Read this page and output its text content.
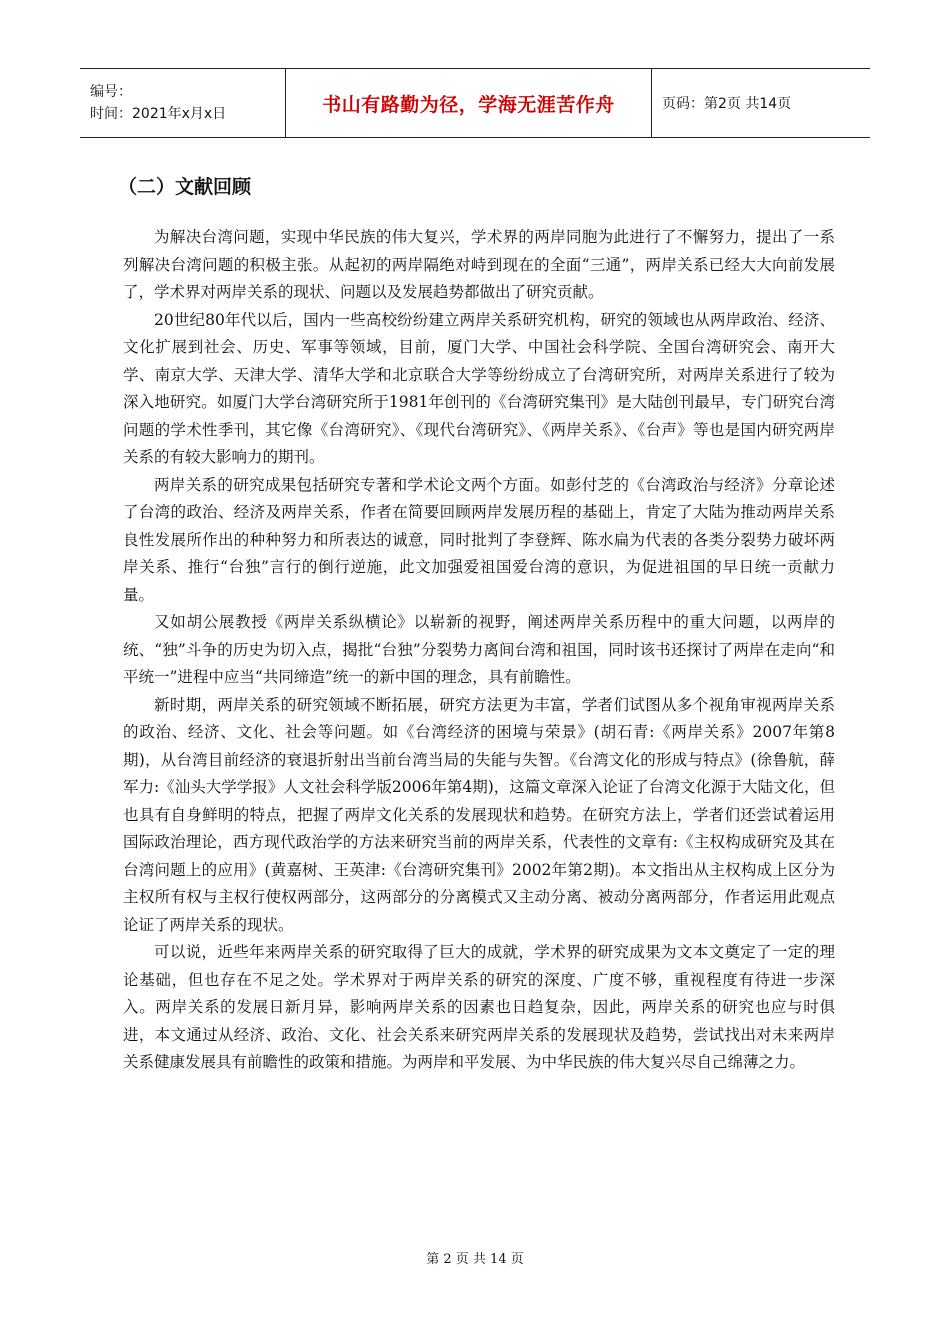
编号：
时间：2021年x月x日	书山有路勤为径，学海无涯苦作舟	页码：第2页 共14页
（二）文献回顾

为解决台湾问题，实现中华民族的伟大复兴，学术界的两岸同胞为此进行了不懈努力，提出了一系列解决台湾问题的积极主张。从起初的两岸隔绝对峙到现在的全面“三通”，两岸关系已经大大向前发展了，学术界对两岸关系的现状、问题以及发展趋势都做出了研究贡献。

20世纪80年代以后，国内一些高校纷纷建立两岸关系研究机构，研究的领域也从两岸政治、经济、文化扩展到社会、历史、军事等领域，目前，厦门大学、中国社会科学院、全国台湾研究会、南开大学、南京大学、天津大学、清华大学和北京联合大学等纷纷成立了台湾研究所，对两岸关系进行了较为深入地研究。如厦门大学台湾研究所于1981年创刊的《台湾研究集刊》是大陆创刊最早，专门研究台湾问题的学术性季刊，其它像《台湾研究》、《现代台湾研究》、《两岸关系》、《台声》等也是国内研究两岸关系的有较大影响力的期刊。

两岸关系的研究成果包括研究专著和学术论文两个方面。如彭付芝的《台湾政治与经济》分章论述了台湾的政治、经济及两岸关系，作者在简要回顾两岸发展历程的基础上，肯定了大陆为推动两岸关系良性发展所作出的种种努力和所表达的诚意，同时批判了李登辉、陈水扁为代表的各类分裂势力破坏两岸关系、推行“台独”言行的倒行逆施，此文加强爱祖国爱台湾的意识，为促进祖国的早日统一贡献力量。

又如胡公展教授《两岸关系纵横论》以崭新的视野，阐述两岸关系历程中的重大问题，以两岸的统、“独”斗争的历史为切入点，揭批“台独”分裂势力离间台湾和祖国，同时该书还探讨了两岸在走向“和平统一”进程中应当“共同缔造”统一的新中国的理念，具有前瞻性。

新时期，两岸关系的研究领域不断拓展，研究方法更为丰富，学者们试图从多个视角审视两岸关系的政治、经济、文化、社会等问题。如《台湾经济的困境与荣景》(胡石青:《两岸关系》2007年第8期)，从台湾目前经济的衰退折射出当前台湾当局的失能与失智。《台湾文化的形成与特点》(徐鲁航，薛军力:《汕头大学学报》人文社会科学版2006年第4期)，这篇文章深入论证了台湾文化源于大陆文化，但也具有自身鲜明的特点，把握了两岸文化关系的发展现状和趋势。在研究方法上，学者们还尝试着运用国际政治理论，西方现代政治学的方法来研究当前的两岸关系，代表性的文章有:《主权构成研究及其在台湾问题上的应用》(黄嘉树、王英津:《台湾研究集刊》2002年第2期)。本文指出从主权构成上区分为主权所有权与主权行使权两部分，这两部分的分离模式又主动分离、被动分离两部分，作者运用此观点论证了两岸关系的现状。

可以说，近些年来两岸关系的研究取得了巨大的成就，学术界的研究成果为文本文奠定了一定的理论基础，但也存在不足之处。学术界对于两岸关系的研究的深度、广度不够，重视程度有待进一步深入。两岸关系的发展日新月异，影响两岸关系的因素也日趋复杂，因此，两岸关系的研究也应与时俱进，本文通过从经济、政治、文化、社会关系来研究两岸关系的发展现状及趋势，尝试找出对未来两岸关系健康发展具有前瞻性的政策和措施。为两岸和平发展、为中华民族的伟大复兴尽自己绵薄之力。

第 2 页 共 14 页
